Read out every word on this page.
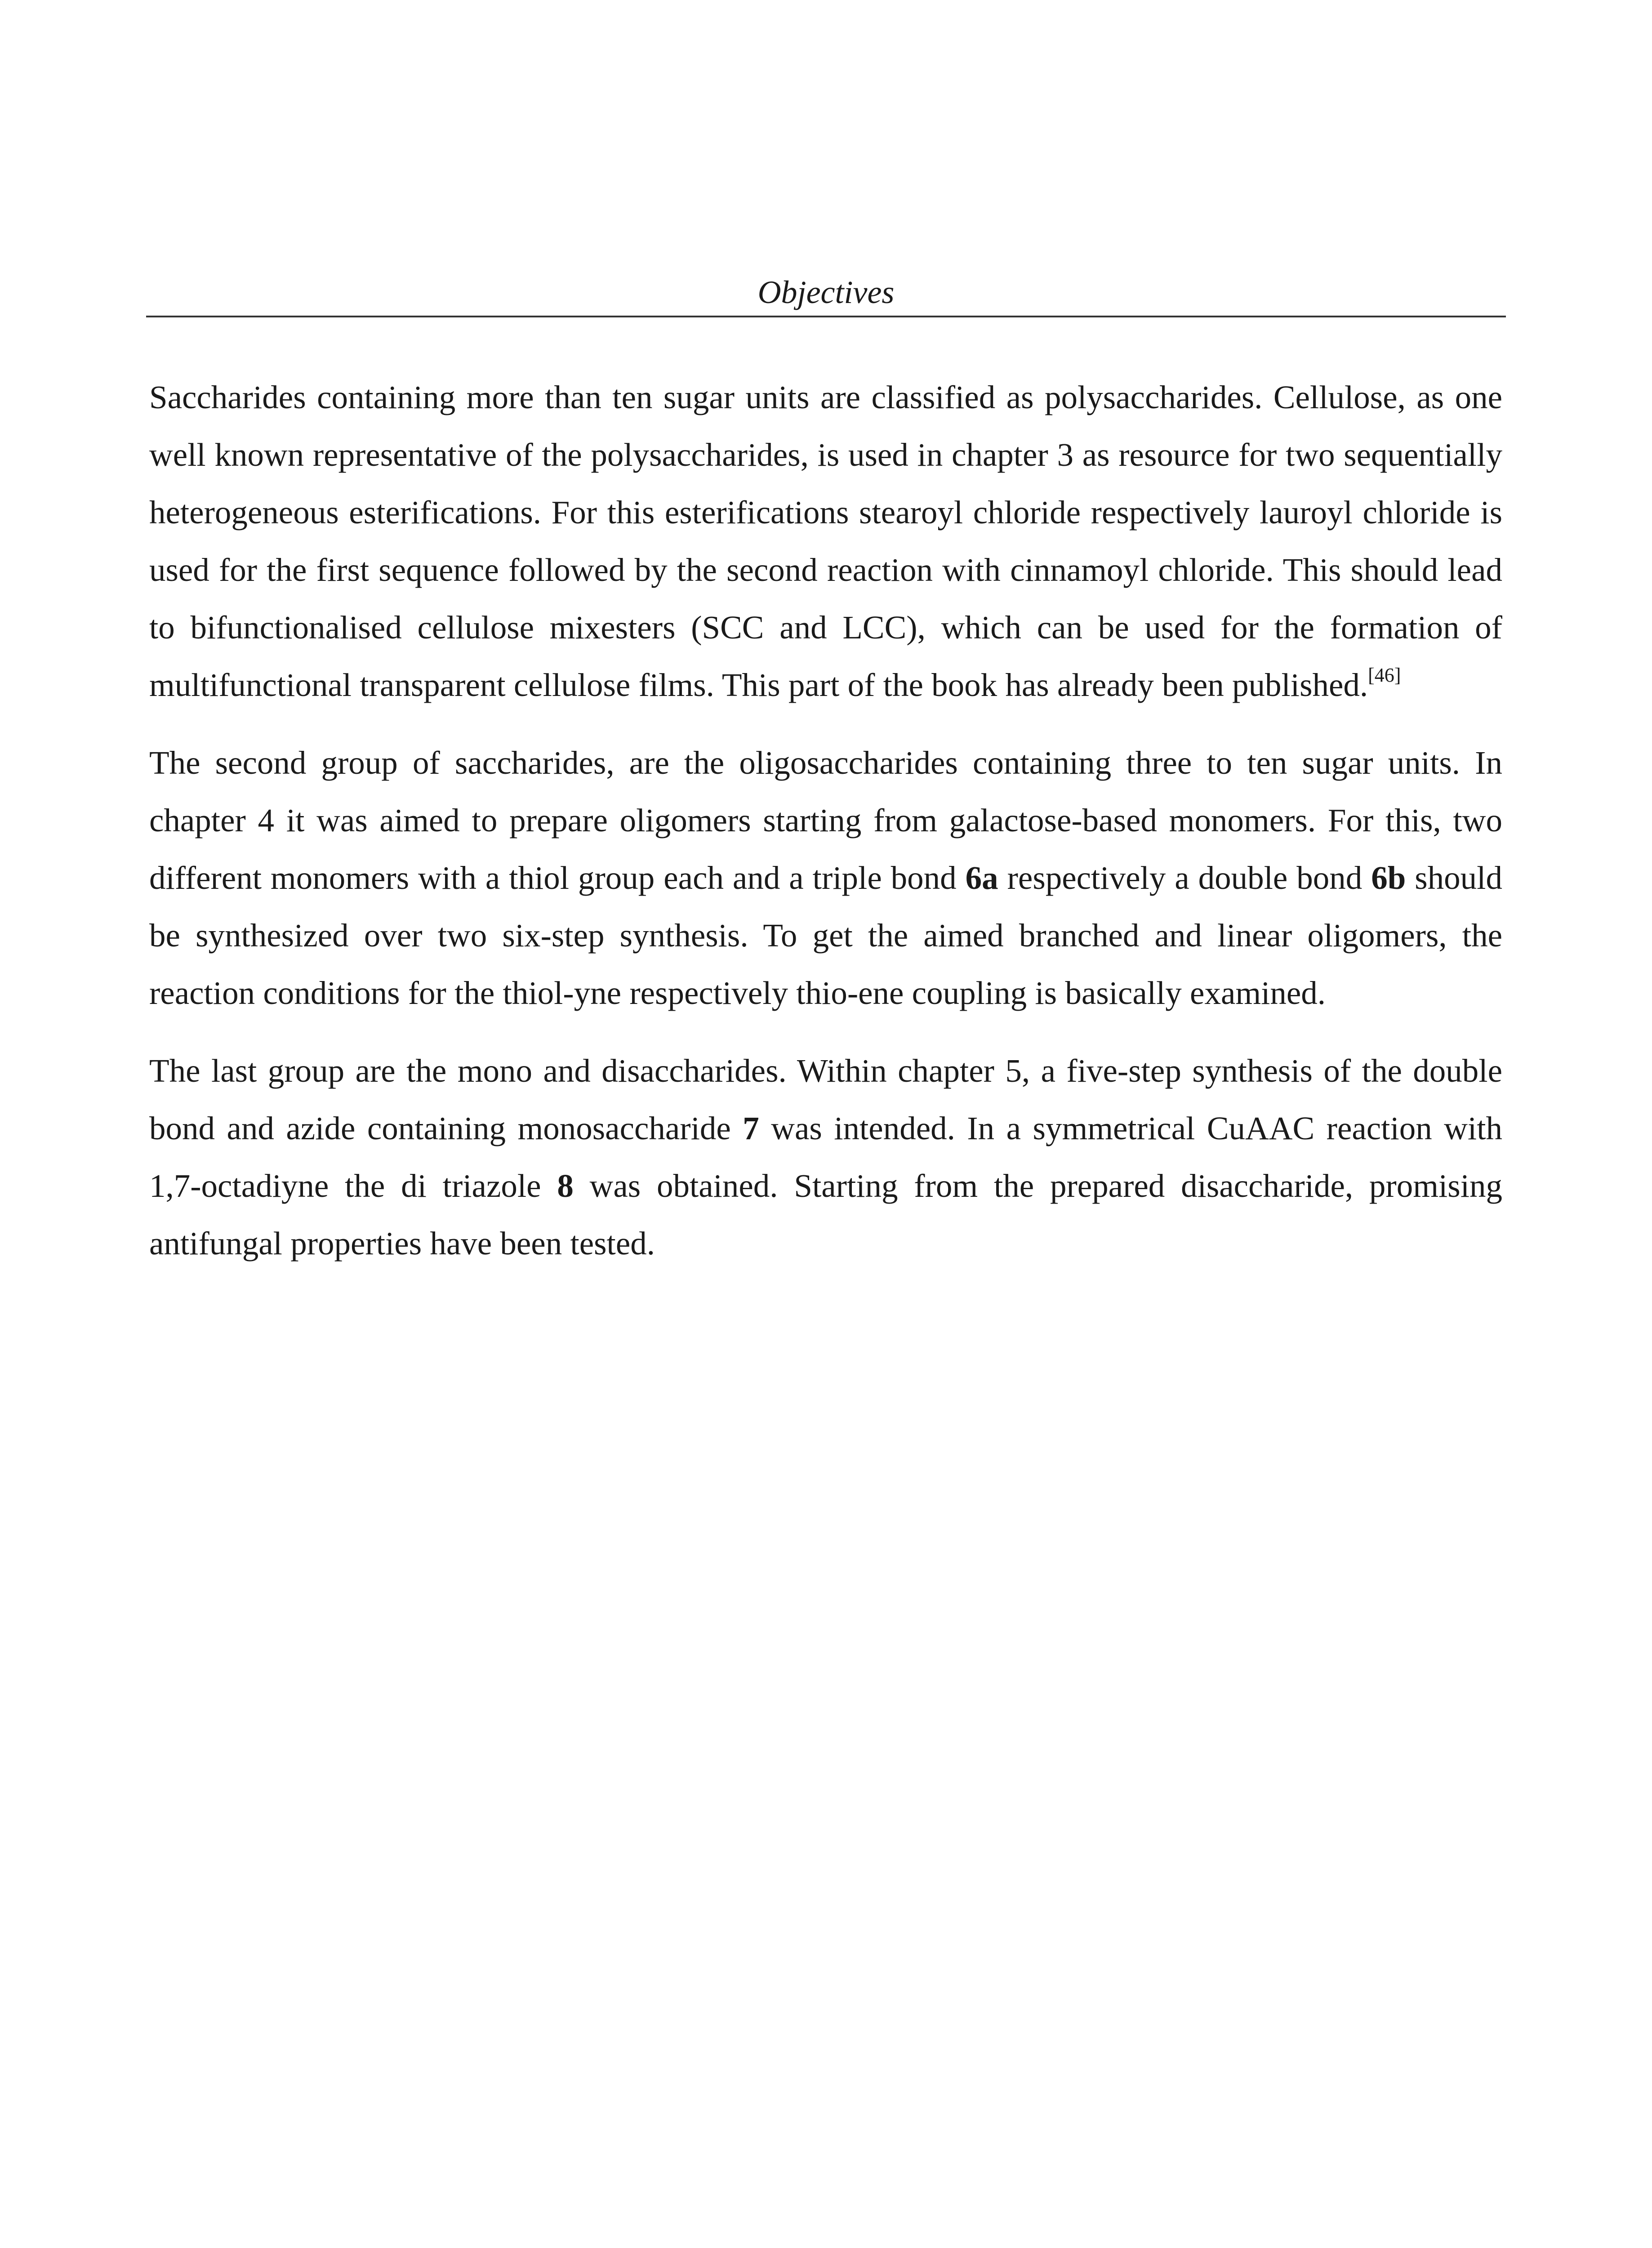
Objectives

Saccharides containing more than ten sugar units are classified as polysaccharides. Cellulose, as one well known representative of the polysaccharides, is used in chapter 3 as resource for two sequentially heterogeneous esterifications. For this esterifications stearoyl chloride respectively lauroyl chloride is used for the first sequence followed by the second reaction with cinnamoyl chloride. This should lead to bifunctionalised cellulose mixesters (SCC and LCC), which can be used for the formation of multifunctional transparent cellulose films. This part of the book has already been published.[46]

The second group of saccharides, are the oligosaccharides containing three to ten sugar units. In chapter 4 it was aimed to prepare oligomers starting from galactose-based monomers. For this, two different monomers with a thiol group each and a triple bond 6a respectively a double bond 6b should be synthesized over two six-step synthesis. To get the aimed branched and linear oligomers, the reaction conditions for the thiol-yne respectively thio-ene coupling is basically examined.

The last group are the mono and disaccharides. Within chapter 5, a five-step synthesis of the double bond and azide containing monosaccharide 7 was intended. In a symmetrical CuAAC reaction with 1,7-octadiyne the di triazole 8 was obtained. Starting from the prepared disaccharide, promising antifungal properties have been tested.
